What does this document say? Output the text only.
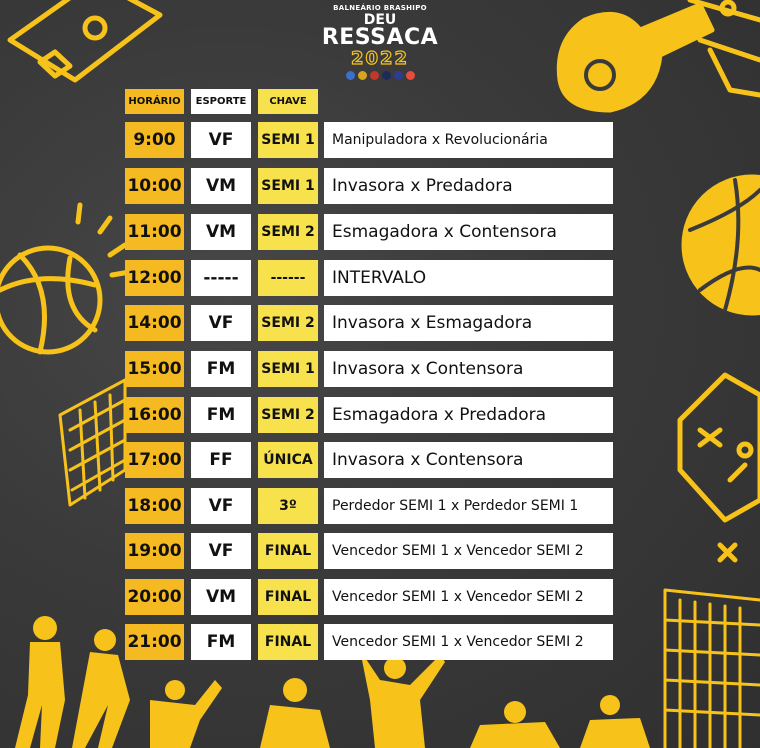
BALNEÁRIO BRASHIPO
DEU
RESSACA
2022
HORÁRIO	ESPORTE	CHAVE
9:00	VF	SEMI 1	Manipuladora x Revolucionária
10:00	VM	SEMI 1	Invasora x Predadora
11:00	VM	SEMI 2	Esmagadora x Contensora
12:00	-----	------	INTERVALO
14:00	VF	SEMI 2	Invasora x Esmagadora
15:00	FM	SEMI 1	Invasora x Contensora
16:00	FM	SEMI 2	Esmagadora x Predadora
17:00	FF	ÚNICA	Invasora x Contensora
18:00	VF	3º	Perdedor SEMI 1 x Perdedor SEMI 1
19:00	VF	FINAL	Vencedor SEMI 1 x Vencedor SEMI 2
20:00	VM	FINAL	Vencedor SEMI 1 x Vencedor SEMI 2
21:00	FM	FINAL	Vencedor SEMI 1 x Vencedor SEMI 2
